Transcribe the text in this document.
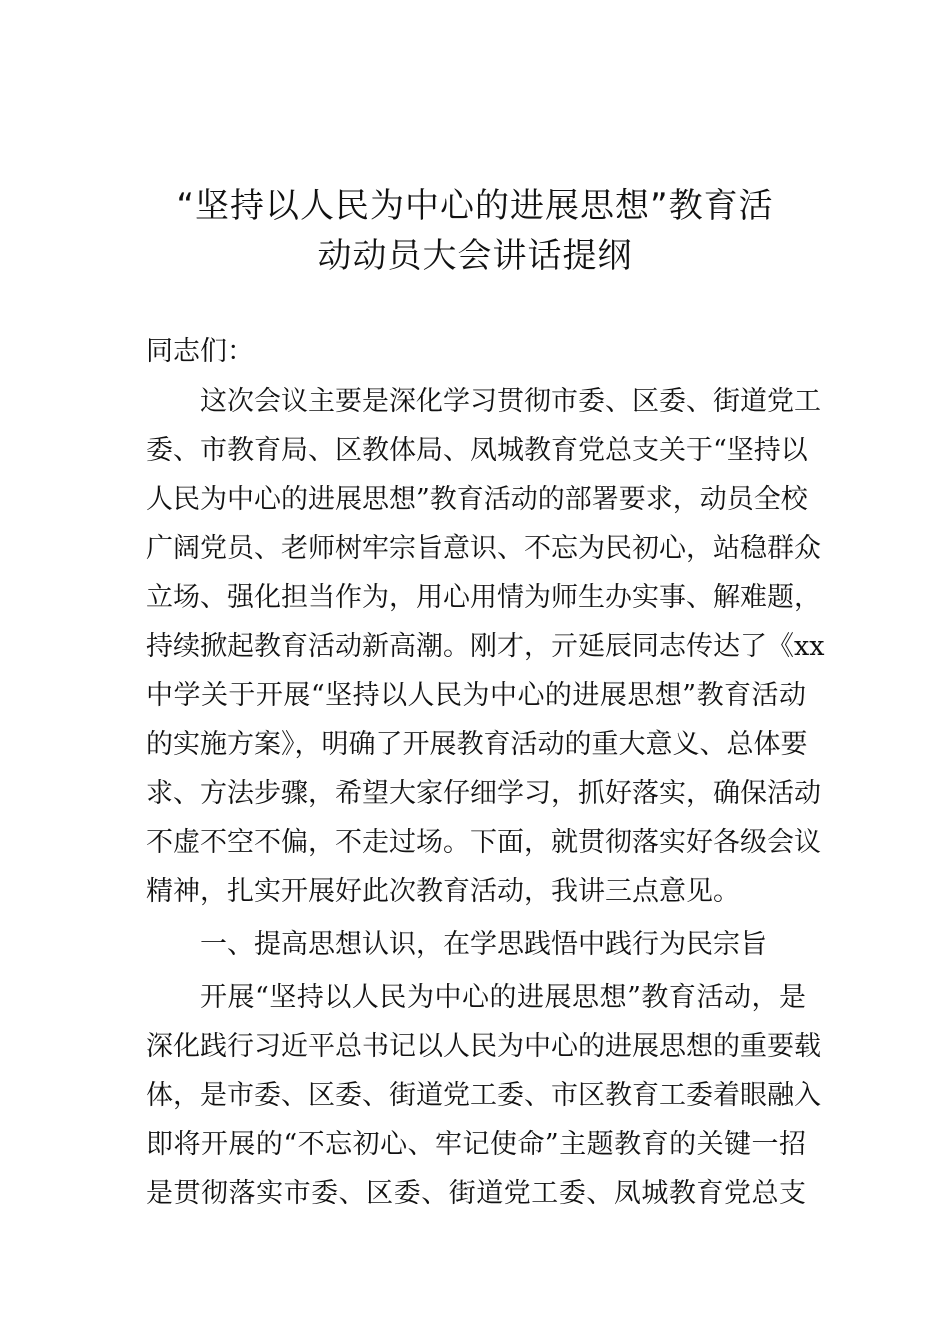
“坚持以人民为中心的进展思想”教育活
动动员大会讲话提纲
同志们：
这次会议主要是深化学习贯彻市委、区委、街道党工
委、市教育局、区教体局、凤城教育党总支关于“坚持以
人民为中心的进展思想”教育活动的部署要求，动员全校
广阔党员、老师树牢宗旨意识、不忘为民初心，站稳群众
立场、强化担当作为，用心用情为师生办实事、解难题，
持续掀起教育活动新高潮。刚才，亓延辰同志传达了《xx
中学关于开展“坚持以人民为中心的进展思想”教育活动
的实施方案》，明确了开展教育活动的重大意义、总体要
求、方法步骤，希望大家仔细学习，抓好落实，确保活动
不虚不空不偏，不走过场。下面，就贯彻落实好各级会议
精神，扎实开展好此次教育活动，我讲三点意见。
一、提高思想认识，在学思践悟中践行为民宗旨
开展“坚持以人民为中心的进展思想”教育活动，是
深化践行习近平总书记以人民为中心的进展思想的重要载
体，是市委、区委、街道党工委、市区教育工委着眼融入
即将开展的“不忘初心、牢记使命”主题教育的关键一招
是贯彻落实市委、区委、街道党工委、凤城教育党总支
